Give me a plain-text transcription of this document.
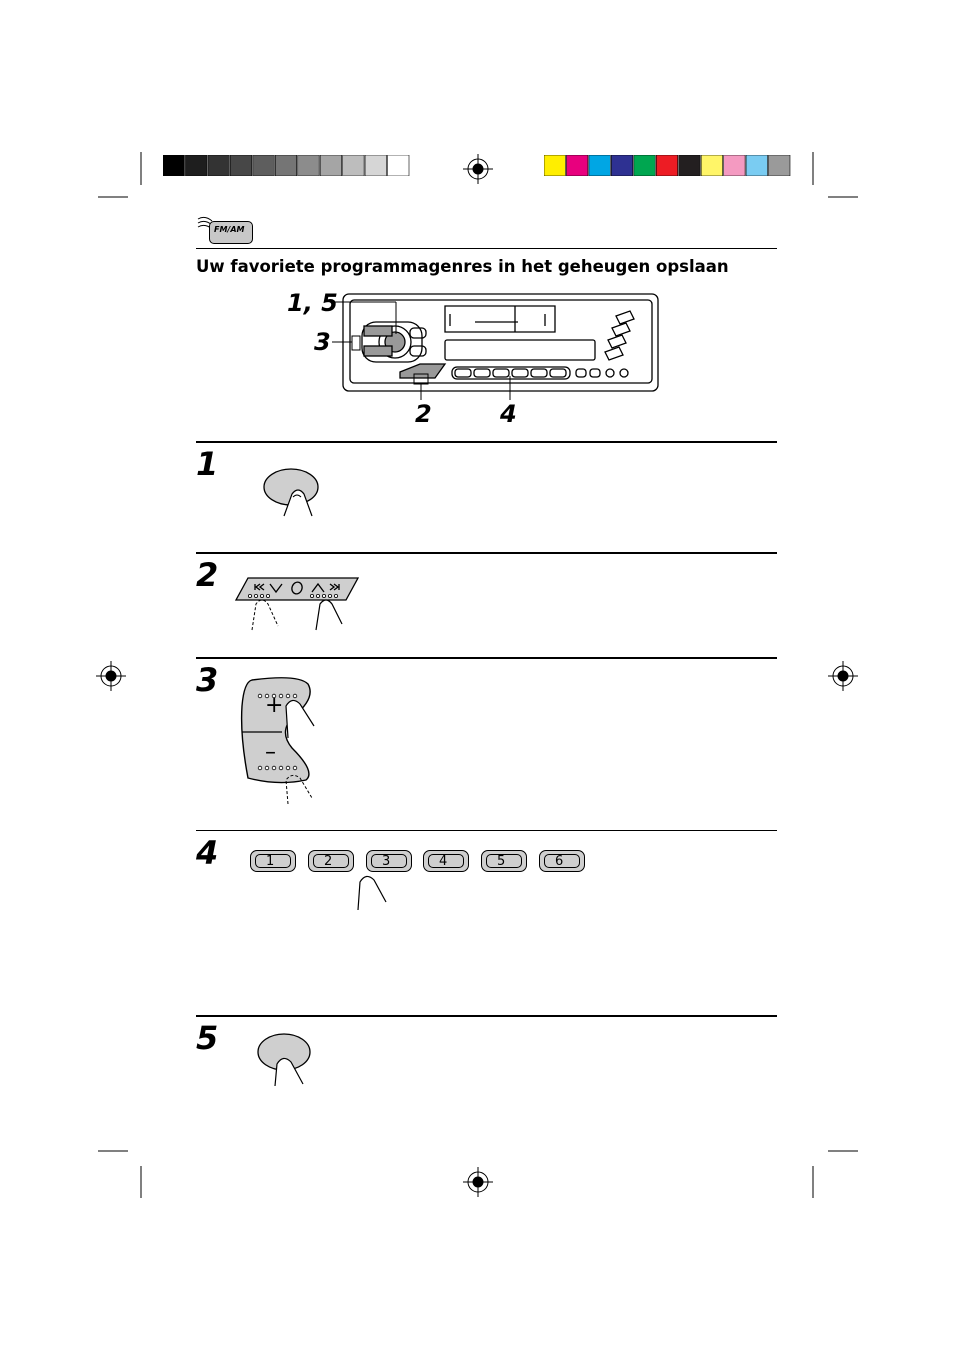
FM/AM
Uw favoriete programmagenres in het geheugen opslaan
1, 5
3
2	4
1
2
3
4
5
+
–
1	2	3	4	5	6
